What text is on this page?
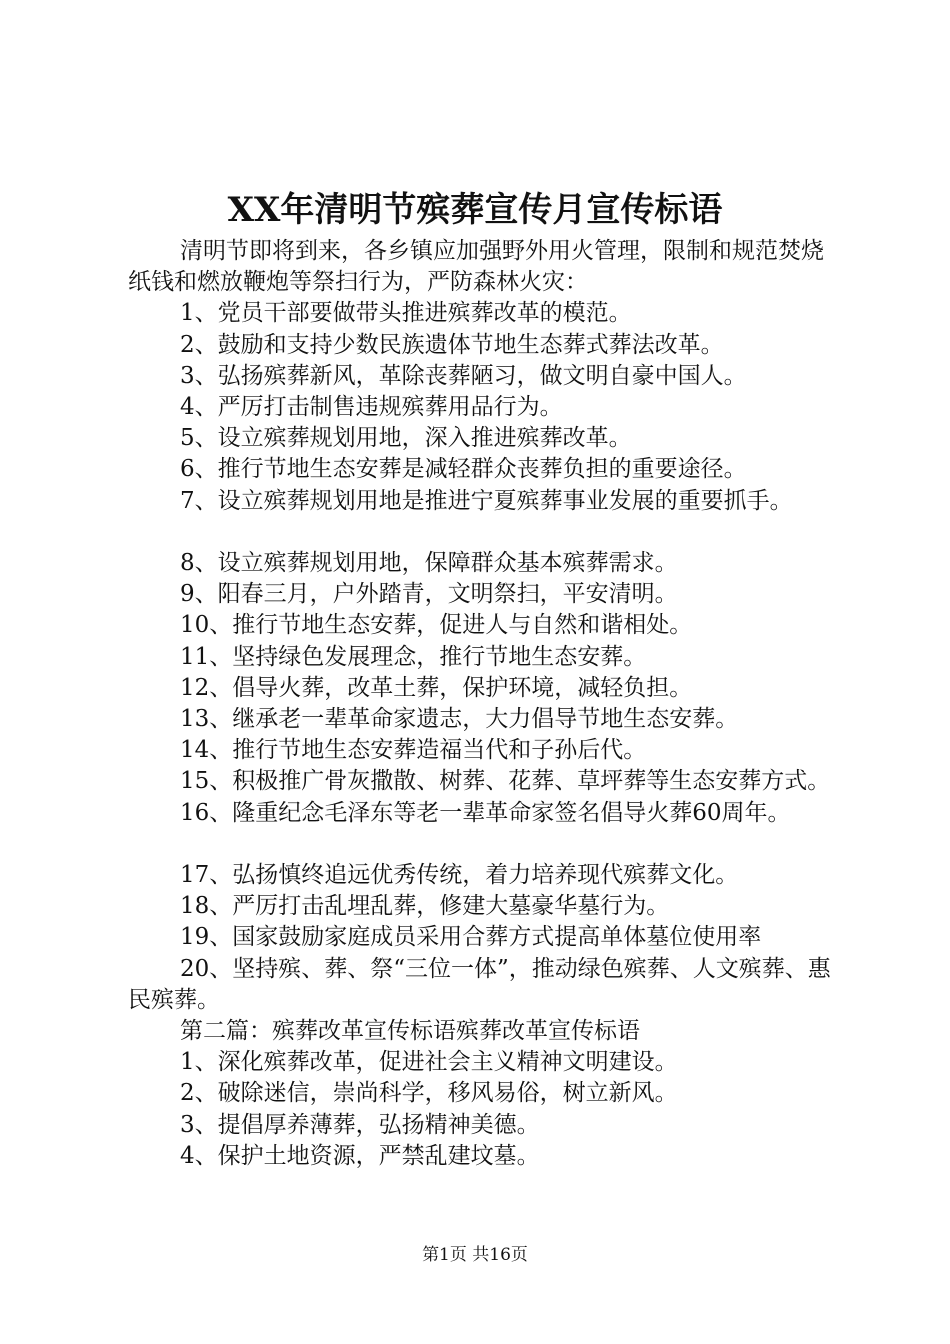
XX年清明节殡葬宣传月宣传标语

清明节即将到来，各乡镇应加强野外用火管理，限制和规范焚烧纸钱和燃放鞭炮等祭扫行为，严防森林火灾：

1、党员干部要做带头推进殡葬改革的模范。

2、鼓励和支持少数民族遗体节地生态葬式葬法改革。

3、弘扬殡葬新风，革除丧葬陋习，做文明自豪中国人。

4、严厉打击制售违规殡葬用品行为。

5、设立殡葬规划用地，深入推进殡葬改革。

6、推行节地生态安葬是减轻群众丧葬负担的重要途径。

7、设立殡葬规划用地是推进宁夏殡葬事业发展的重要抓手。

8、设立殡葬规划用地，保障群众基本殡葬需求。

9、阳春三月，户外踏青，文明祭扫，平安清明。

10、推行节地生态安葬，促进人与自然和谐相处。

11、坚持绿色发展理念，推行节地生态安葬。

12、倡导火葬，改革土葬，保护环境，减轻负担。

13、继承老一辈革命家遗志，大力倡导节地生态安葬。

14、推行节地生态安葬造福当代和子孙后代。

15、积极推广骨灰撒散、树葬、花葬、草坪葬等生态安葬方式。

16、隆重纪念毛泽东等老一辈革命家签名倡导火葬60周年。

17、弘扬慎终追远优秀传统，着力培养现代殡葬文化。

18、严厉打击乱埋乱葬，修建大墓豪华墓行为。

19、国家鼓励家庭成员采用合葬方式提高单体墓位使用率

20、坚持殡、葬、祭“三位一体”，推动绿色殡葬、人文殡葬、惠民殡葬。

第二篇：殡葬改革宣传标语殡葬改革宣传标语

1、深化殡葬改革，促进社会主义精神文明建设。

2、破除迷信，崇尚科学，移风易俗，树立新风。

3、提倡厚养薄葬，弘扬精神美德。

4、保护土地资源，严禁乱建坟墓。

第1页 共16页
